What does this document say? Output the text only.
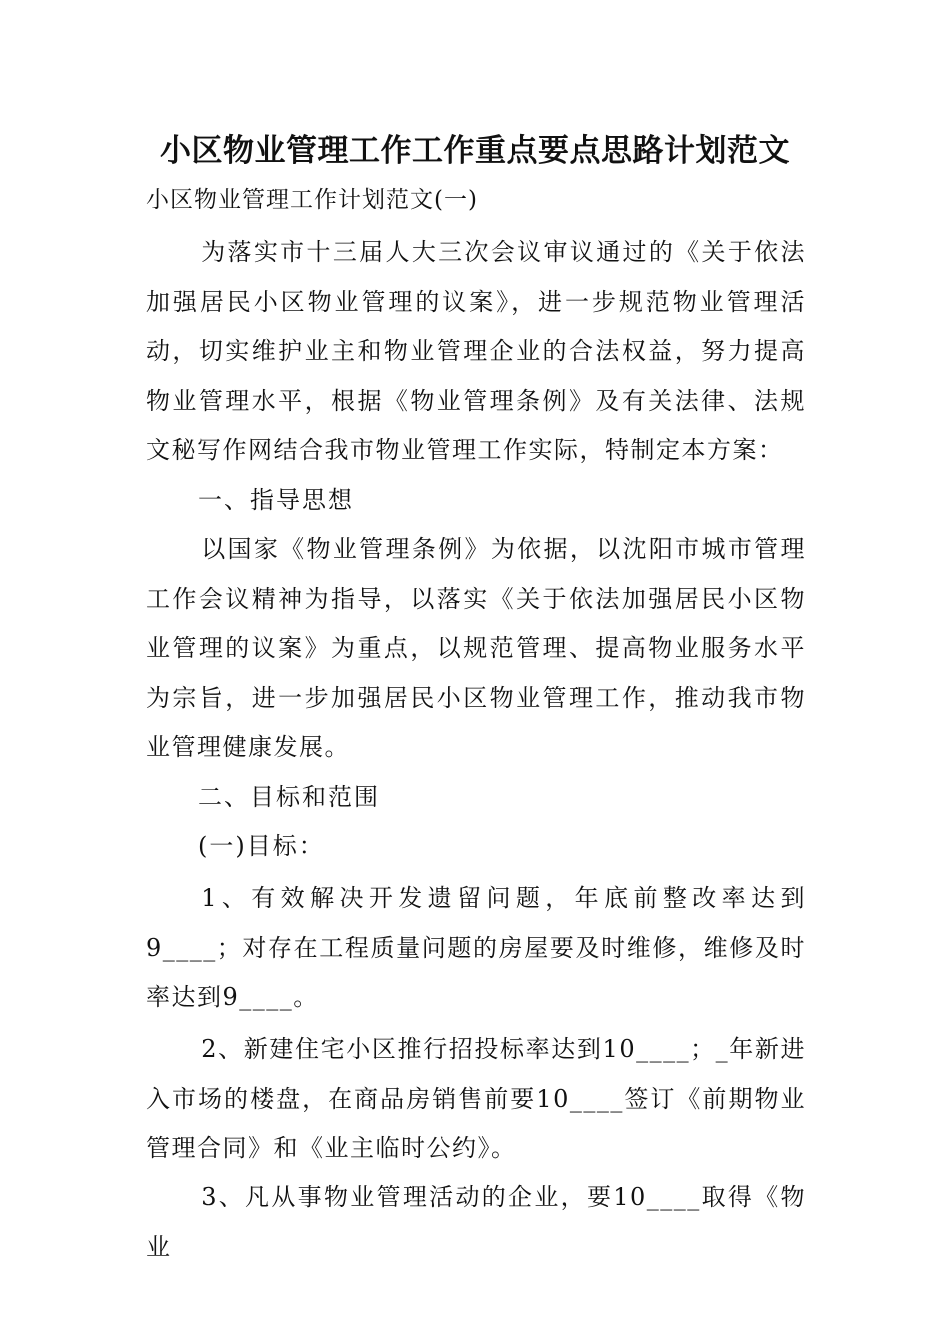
小区物业管理工作工作重点要点思路计划范文
小区物业管理工作计划范文(一)

为落实市十三届人大三次会议审议通过的《关于依法加强居民小区物业管理的议案》，进一步规范物业管理活动，切实维护业主和物业管理企业的合法权益，努力提高物业管理水平，根据《物业管理条例》及有关法律、法规文秘写作网结合我市物业管理工作实际，特制定本方案：

一、指导思想

以国家《物业管理条例》为依据，以沈阳市城市管理工作会议精神为指导，以落实《关于依法加强居民小区物业管理的议案》为重点，以规范管理、提高物业服务水平为宗旨，进一步加强居民小区物业管理工作，推动我市物业管理健康发展。

二、目标和范围
(一)目标：

1、有效解决开发遗留问题，年底前整改率达到9____；对存在工程质量问题的房屋要及时维修，维修及时率达到9____。

2、新建住宅小区推行招投标率达到10____；_年新进入市场的楼盘，在商品房销售前要10____签订《前期物业管理合同》和《业主临时公约》。

3、凡从事物业管理活动的企业，要10____取得《物业
